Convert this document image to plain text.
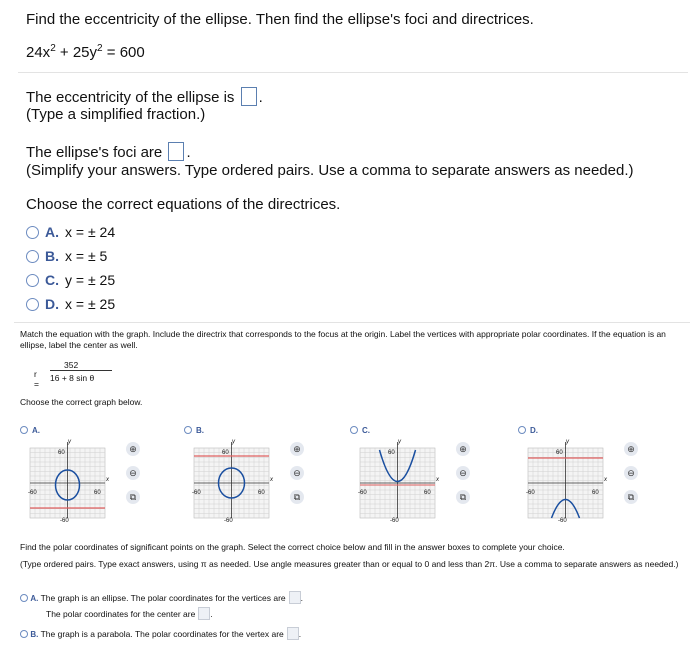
Find the eccentricity of the ellipse. Then find the ellipse's foci and directrices.
$24x^2 + 25y^2 = 600$
The eccentricity of the ellipse is .
(Type a simplified fraction.)
The ellipse's foci are .
(Simplify your answers. Type ordered pairs. Use a comma to separate answers as needed.)
Choose the correct equations of the directrices.
A. x = ± 24
B. x = ± 5
C. y = ± 25
D. x = ± 25
Match the equation with the graph. Include the directrix that corresponds to the focus at the origin. Label the vertices with appropriate polar coordinates. If the equation is an ellipse, label the center as well.
r =
352
16 + 8 sin θ
Choose the correct graph below.
A.
60
-60
-60	60
y
x
⊕
⊖
⧉
B.
60
-60
-60	60
y
x
⊕
⊖
⧉
C.
60
-60
-60	60
y
x
⊕
⊖
⧉
D.
60
-60
-60	60
y
x
⊕
⊖
⧉
Find the polar coordinates of significant points on the graph. Select the correct choice below and fill in the answer boxes to complete your choice.
(Type ordered pairs. Type exact answers, using π as needed. Use angle measures greater than or equal to 0 and less than 2π. Use a comma to separate answers as needed.)
A. The graph is an ellipse. The polar coordinates for the vertices are .
The polar coordinates for the center are .
B. The graph is a parabola. The polar coordinates for the vertex are .
